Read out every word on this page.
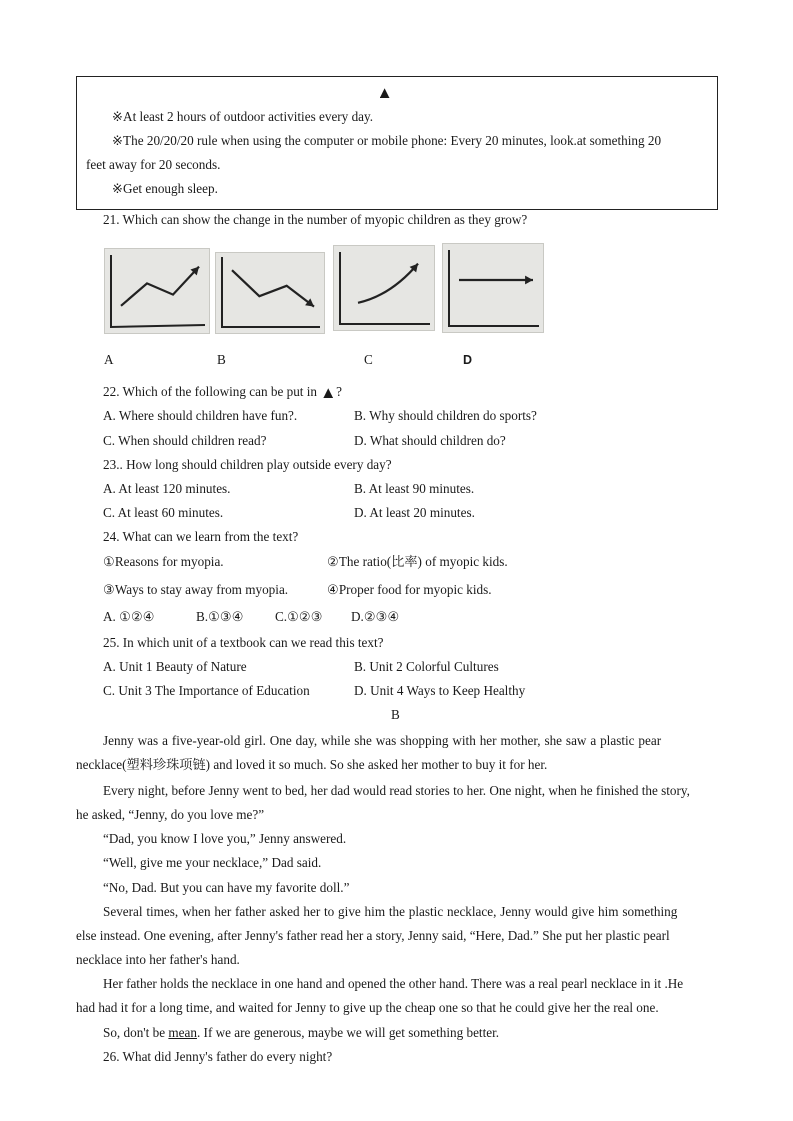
▲
※At least 2 hours of outdoor activities every day.
※The 20/20/20 rule when using the computer or mobile phone: Every 20 minutes, look.at something 20
feet away for 20 seconds.
※Get enough sleep.
21. Which can show the change in the number of myopic children as they grow?
A	B	C	D
22. Which of the following can be put in ▲ ?
A. Where should children have fun?.	B. Why should children do sports?
C. When should children read?	D. What should children do?
23.. How long should children play outside every day?
A. At least 120 minutes.	B. At least 90 minutes.
C. At least 60 minutes.	D. At least 20 minutes.
24. What can we learn from the text?
①Reasons for myopia.	②The ratio(比率) of myopic kids.
③Ways to stay away from myopia.	④Proper food for myopic kids.
A. ①②④	B.①③④ C.①②③ D.②③④
25. In which unit of a textbook can we read this text?
A. Unit 1 Beauty of Nature	B. Unit 2 Colorful Cultures
C. Unit 3 The Importance of Education	D. Unit 4 Ways to Keep Healthy
B
Jenny was a five-year-old girl. One day, while she was shopping with her mother, she saw a plastic pear
necklace(塑料珍珠项链) and loved it so much. So she asked her mother to buy it for her.
Every night, before Jenny went to bed, her dad would read stories to her. One night, when he finished the story,
he asked, “Jenny, do you love me?”
“Dad, you know I love you,” Jenny answered.
“Well, give me your necklace,” Dad said.
“No, Dad. But you can have my favorite doll.”
Several times, when her father asked her to give him the plastic necklace, Jenny would give him something
else instead. One evening, after Jenny's father read her a story, Jenny said, “Here, Dad.” She put her plastic pearl
necklace into her father's hand.
Her father holds the necklace in one hand and opened the other hand. There was a real pearl necklace in it .He
had had it for a long time, and waited for Jenny to give up the cheap one so that he could give her the real one.
So, don't be mean. If we are generous, maybe we will get something better.
26. What did Jenny's father do every night?
